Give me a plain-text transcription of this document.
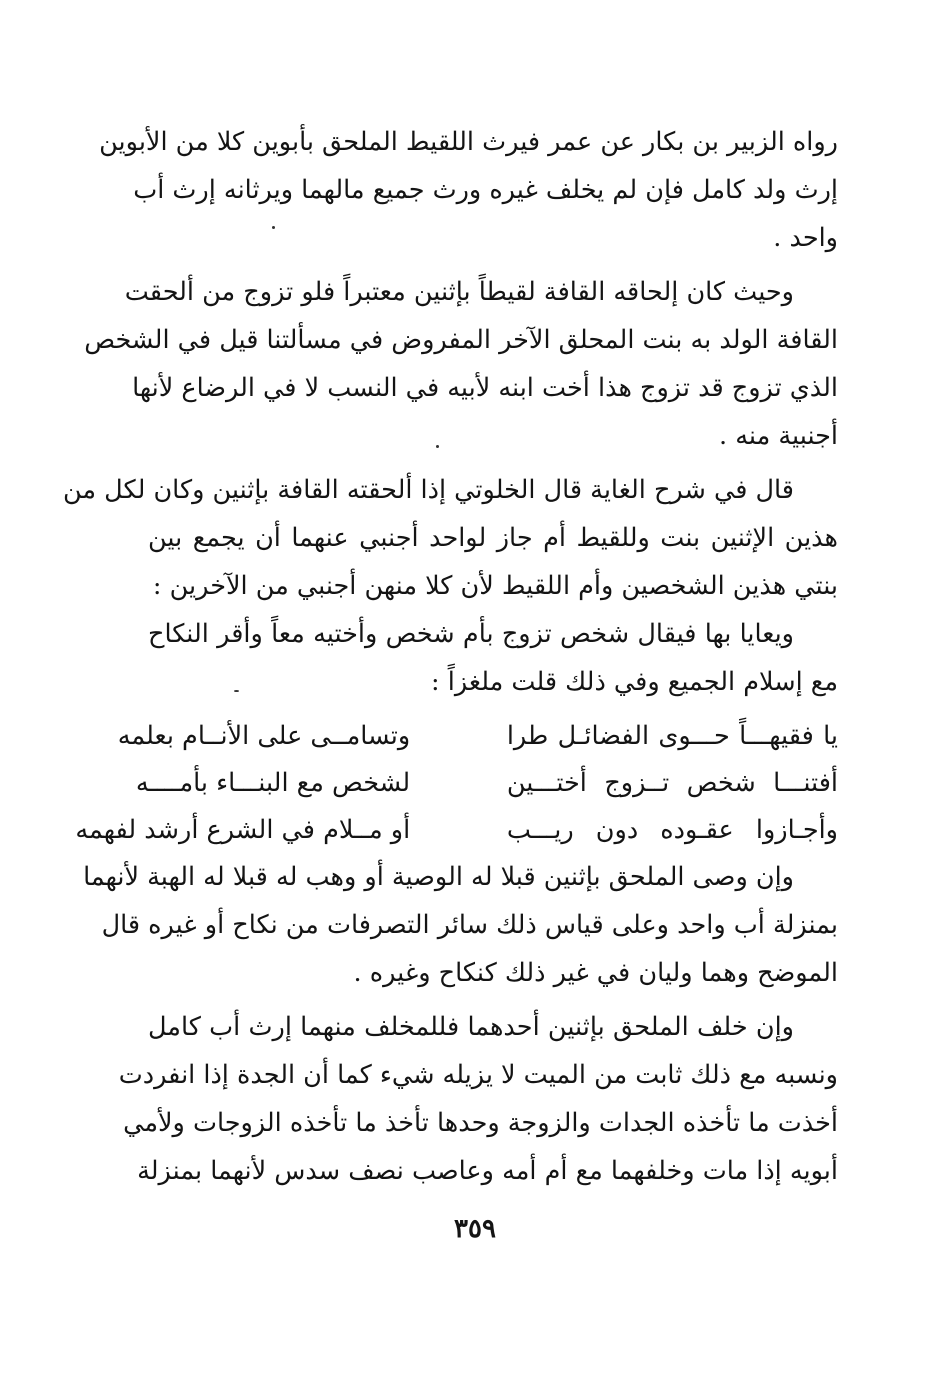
رواه الزبير بن بكار عن عمر فيرث اللقيط الملحق بأبوين كلا من الأبوين
إرث ولد كامل فإن لم يخلف غيره ورث جميع مالهما ويرثانه إرث أب
واحد .
وحيث كان إلحاقه القافة لقيطاً بإثنين معتبراً فلو تزوج من ألحقت
القافة الولد به بنت المحلق الآخر المفروض في مسألتنا قيل في الشخص
الذي تزوج قد تزوج هذا أخت ابنه لأبيه في النسب لا في الرضاع لأنها
أجنبية منه .
قال في شرح الغاية قال الخلوتي إذا ألحقته القافة بإثنين وكان لكل من
هذين الإثنين بنت وللقيط أم جاز لواحد أجنبي عنهما أن يجمع بين
بنتي هذين الشخصين وأم اللقيط لأن كلا منهن أجنبي من الآخرين :
ويعايا بها فيقال شخص تزوج بأم شخص وأختيه معاً وأقر النكاح
مع إسلام الجميع وفي ذلك قلت ملغزاً :
يا فقيهـــاً حـــوى الفضائـل طرا
وتسامــى على الأنــام بعلمه
أفتنـــا شخص تــزوج أختـــين
لشخص مع البنـــاء بأمــــه
وأجـازوا عقـوده دون ريـــب
أو مــلام في الشرع أرشد لفهمه
وإن وصى الملحق بإثنين قبلا له الوصية أو وهب له قبلا له الهبة لأنهما
بمنزلة أب واحد وعلى قياس ذلك سائر التصرفات من نكاح أو غيره قال
الموضح وهما وليان في غير ذلك كنكاح وغيره .
وإن خلف الملحق بإثنين أحدهما فللمخلف منهما إرث أب كامل
ونسبه مع ذلك ثابت من الميت لا يزيله شيء كما أن الجدة إذا انفردت
أخذت ما تأخذه الجدات والزوجة وحدها تأخذ ما تأخذه الزوجات ولأمي
أبويه إذا مات وخلفهما مع أم أمه وعاصب نصف سدس لأنهما بمنزلة
٣٥٩
